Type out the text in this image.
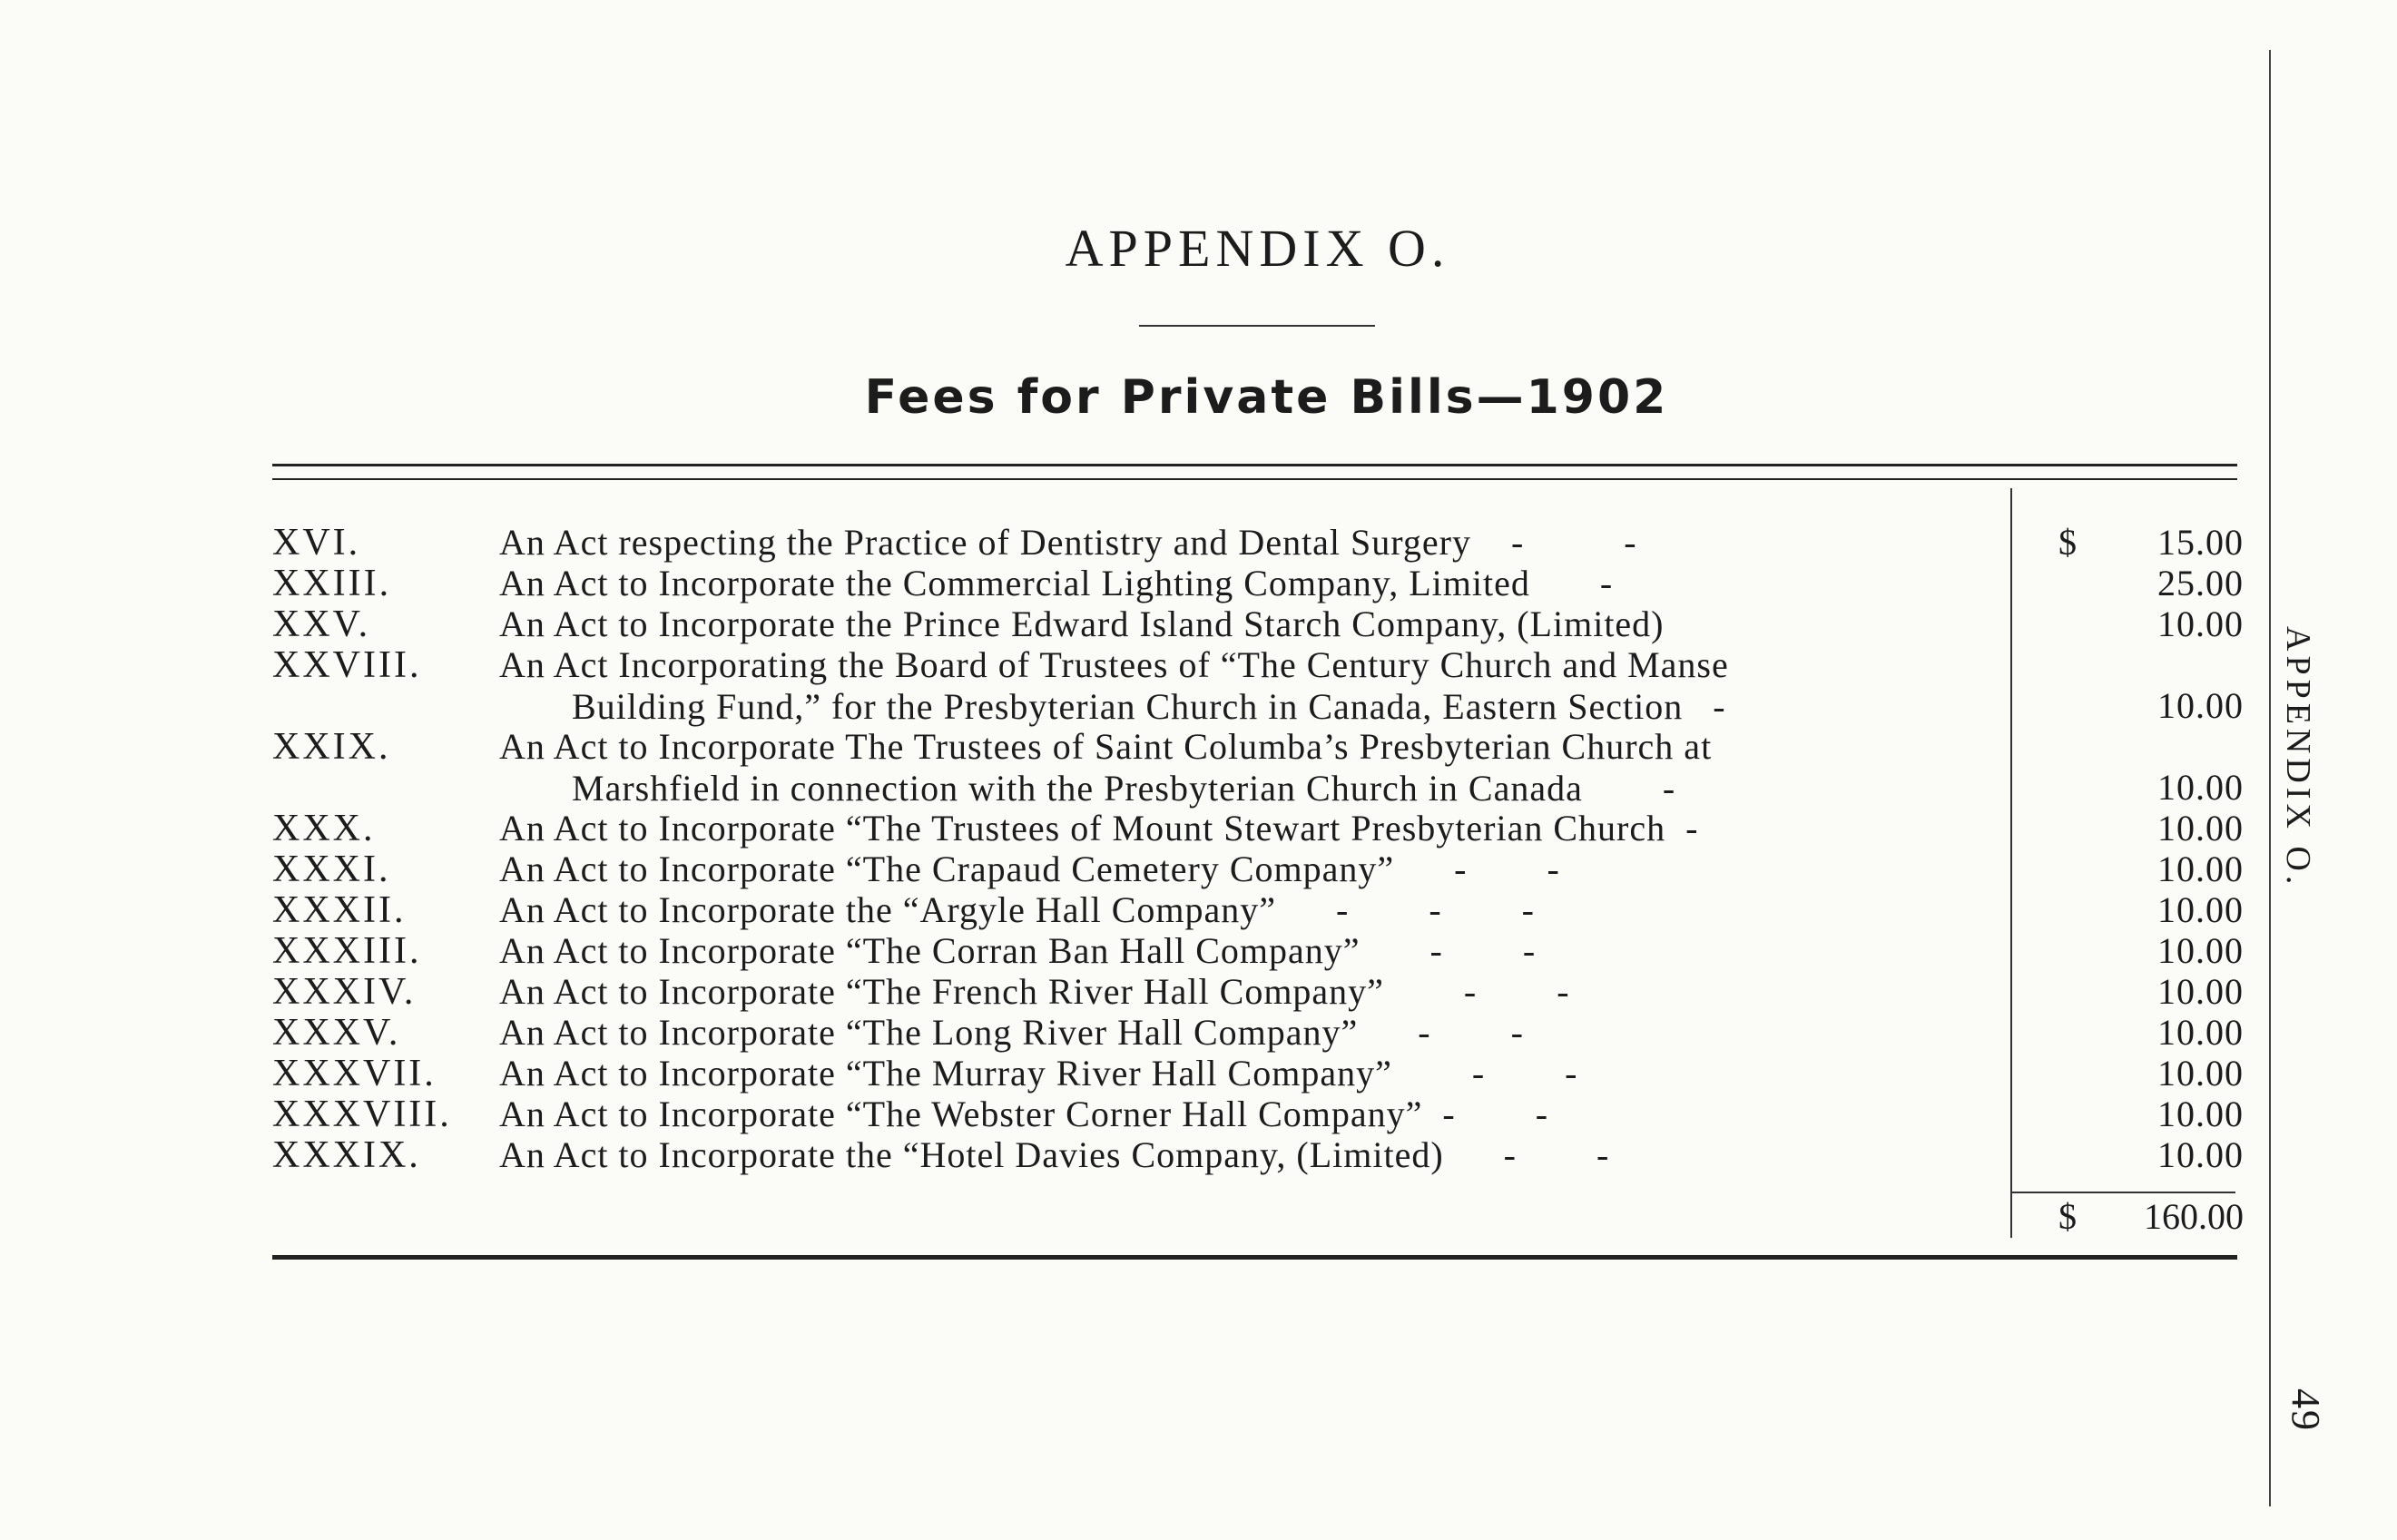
APPENDIX O.
Fees for Private Bills—1902
XVI.	An Act respecting the Practice of Dentistry and Dental Surgery    -          -	$	15.00
XXIII.	An Act to Incorporate the Commercial Lighting Company, Limited       -	25.00
XXV.	An Act to Incorporate the Prince Edward Island Starch Company, (Limited)	10.00
XXVIII. An Act Incorporating the Board of Trustees of “The Century Church and Manse
Building Fund,” for the Presbyterian Church in Canada, Eastern Section   -	10.00
XXIX.	An Act to Incorporate The Trustees of Saint Columba’s Presbyterian Church at
Marshfield in connection with the Presbyterian Church in Canada        -	10.00
XXX.	An Act to Incorporate “The Trustees of Mount Stewart Presbyterian Church  -	10.00
XXXI.	An Act to Incorporate “The Crapaud Cemetery Company”      -        -	10.00
XXXII.	An Act to Incorporate the “Argyle Hall Company”      -        -        -	10.00
XXXIII. An Act to Incorporate “The Corran Ban Hall Company”       -        -	10.00
XXXIV. An Act to Incorporate “The French River Hall Company”        -        -	10.00
XXXV.	An Act to Incorporate “The Long River Hall Company”      -        -	10.00
XXXVII. An Act to Incorporate “The Murray River Hall Company”        -        -	10.00
XXXVIII. An Act to Incorporate “The Webster Corner Hall Company”  -        -	10.00
XXXIX. An Act to Incorporate the “Hotel Davies Company, (Limited)      -        -	10.00
$	160.00
APPENDIX O.
49
